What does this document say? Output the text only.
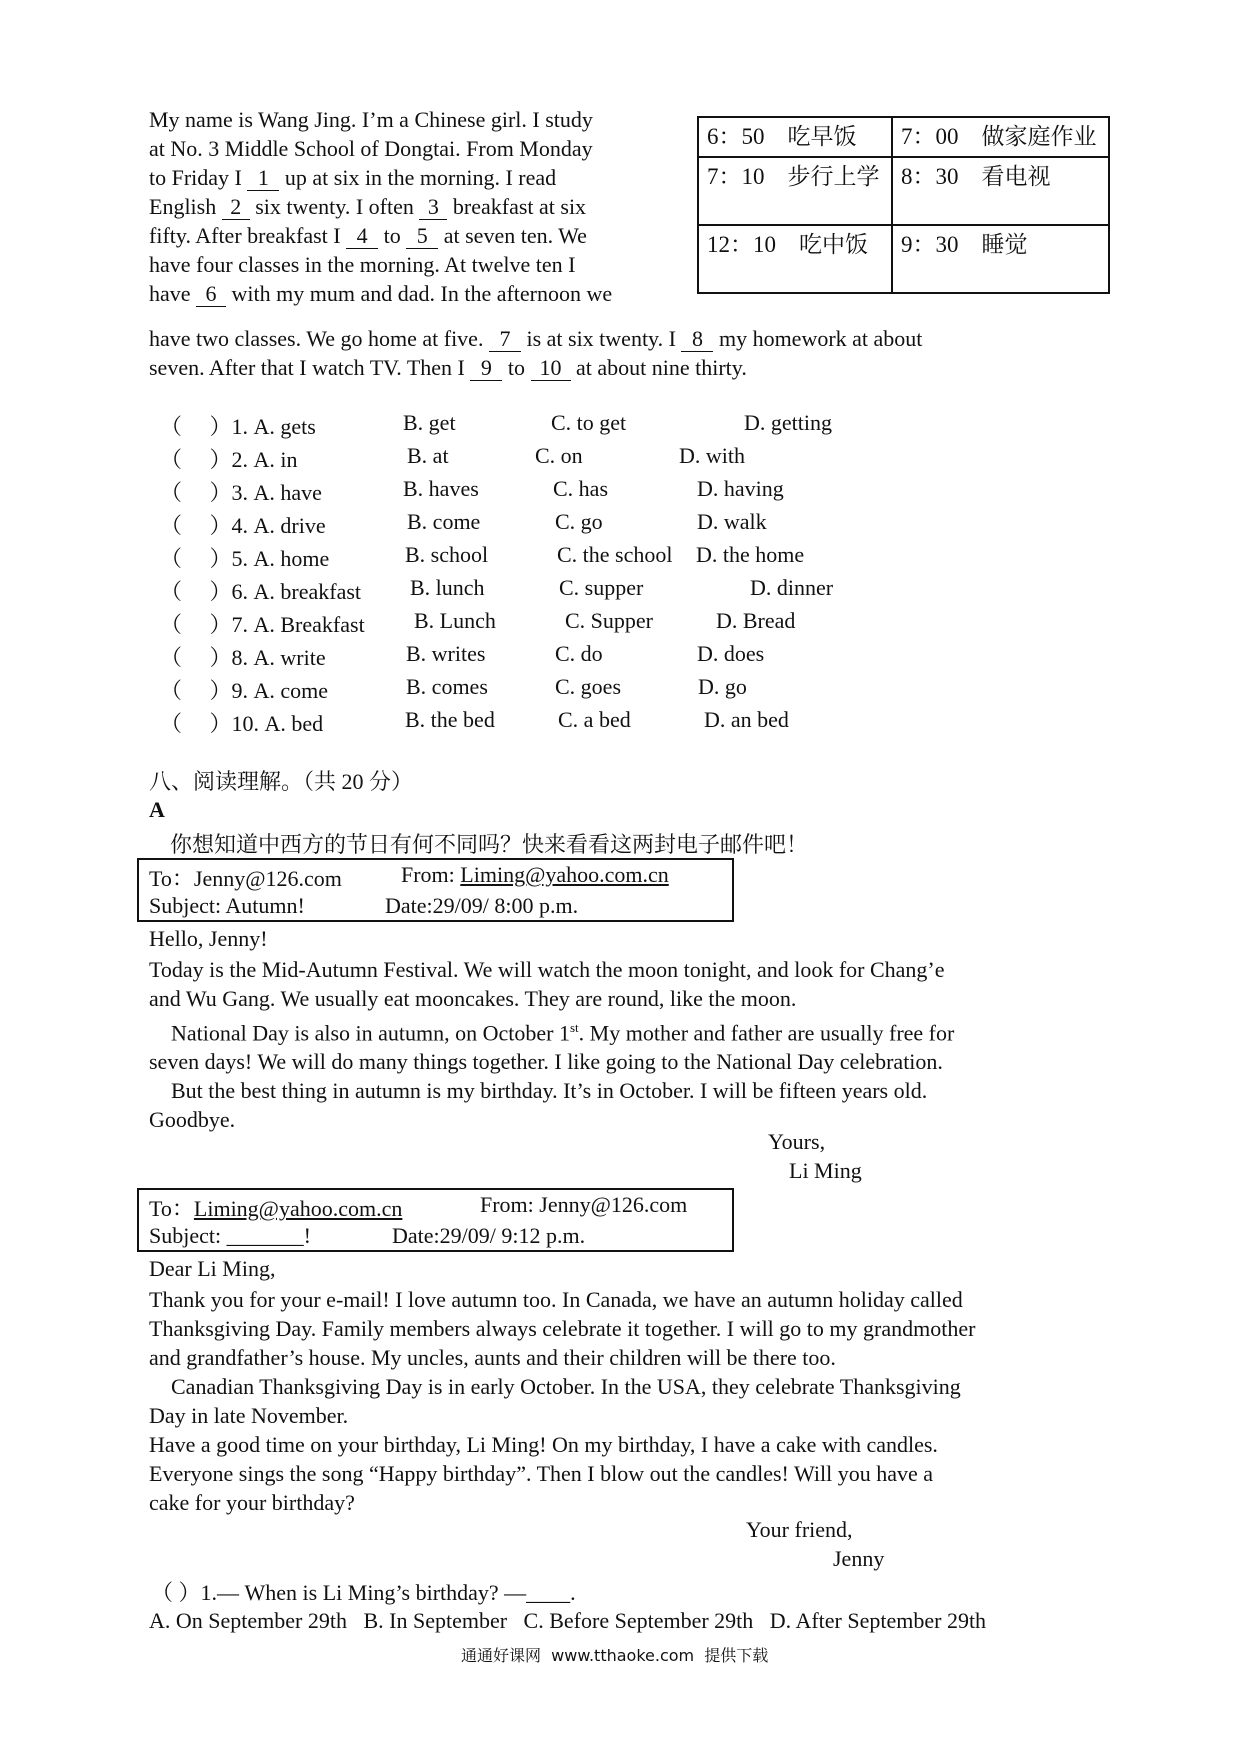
My name is Wang Jing. I’m a Chinese girl. I study
at No. 3 Middle School of Dongtai. From Monday
to Friday I 1 up at six in the morning. I read
English 2 six twenty. I often 3 breakfast at six
fifty. After breakfast I 4 to 5 at seven ten. We
have four classes in the morning. At twelve ten I
have 6 with my mum and dad. In the afternoon we
have two classes. We go home at five. 7 is at six twenty. I 8 my homework at about
seven. After that I watch TV. Then I 9 to 10 at about nine thirty.
6：50　吃早饭	7：00　做家庭作业
7：10　步行上学	8：30　看电视
12：10　吃中饭	9：30　睡觉
（　 ）1. A. gets	B. get	C. to get	D. getting
（　 ）2. A. in	B. at	C. on	D. with
（　 ）3. A. have	B. haves	C. has	D. having
（　 ）4. A. drive	B. come	C. go	D. walk
（　 ）5. A. home	B. school	C. the school D. the home
（　 ）6. A. breakfast B. lunch	C. supper	D. dinner
（　 ）7. A. Breakfast B. Lunch	C. Supper	D. Bread
（　 ）8. A. write	B. writes	C. do	D. does
（　 ）9. A. come	B. comes	C. goes	D. go
（　 ）10. A. bed	B. the bed	C. a bed	D. an bed
八、阅读理解。（共 20 分）
A
你想知道中西方的节日有何不同吗？快来看看这两封电子邮件吧！
To：Jenny@126.com	From: Liming@yahoo.com.cn
Subject: Autumn!	Date:29/09/ 8:00 p.m.
Hello, Jenny!
Today is the Mid-Autumn Festival. We will watch the moon tonight, and look for Chang’e
and Wu Gang. We usually eat mooncakes. They are round, like the moon.
National Day is also in autumn, on October 1st. My mother and father are usually free for
seven days! We will do many things together. I like going to the National Day celebration.
But the best thing in autumn is my birthday. It’s in October. I will be fifteen years old.
Goodbye.
Yours,
Li Ming
To：Liming@yahoo.com.cn	From: Jenny@126.com
Subject: _______!	Date:29/09/ 9:12 p.m.
Dear Li Ming,
Thank you for your e-mail! I love autumn too. In Canada, we have an autumn holiday called
Thanksgiving Day. Family members always celebrate it together. I will go to my grandmother
and grandfather’s house. My uncles, aunts and their children will be there too.
Canadian Thanksgiving Day is in early October. In the USA, they celebrate Thanksgiving
Day in late November.
Have a good time on your birthday, Li Ming! On my birthday, I have a cake with candles.
Everyone sings the song “Happy birthday”. Then I blow out the candles! Will you have a
cake for your birthday?
Your friend,
Jenny
（ ）1.— When is Li Ming’s birthday? —____.
A. On September 29th   B. In September   C. Before September 29th   D. After September 29th
通通好课网  www.tthaoke.com  提供下载
